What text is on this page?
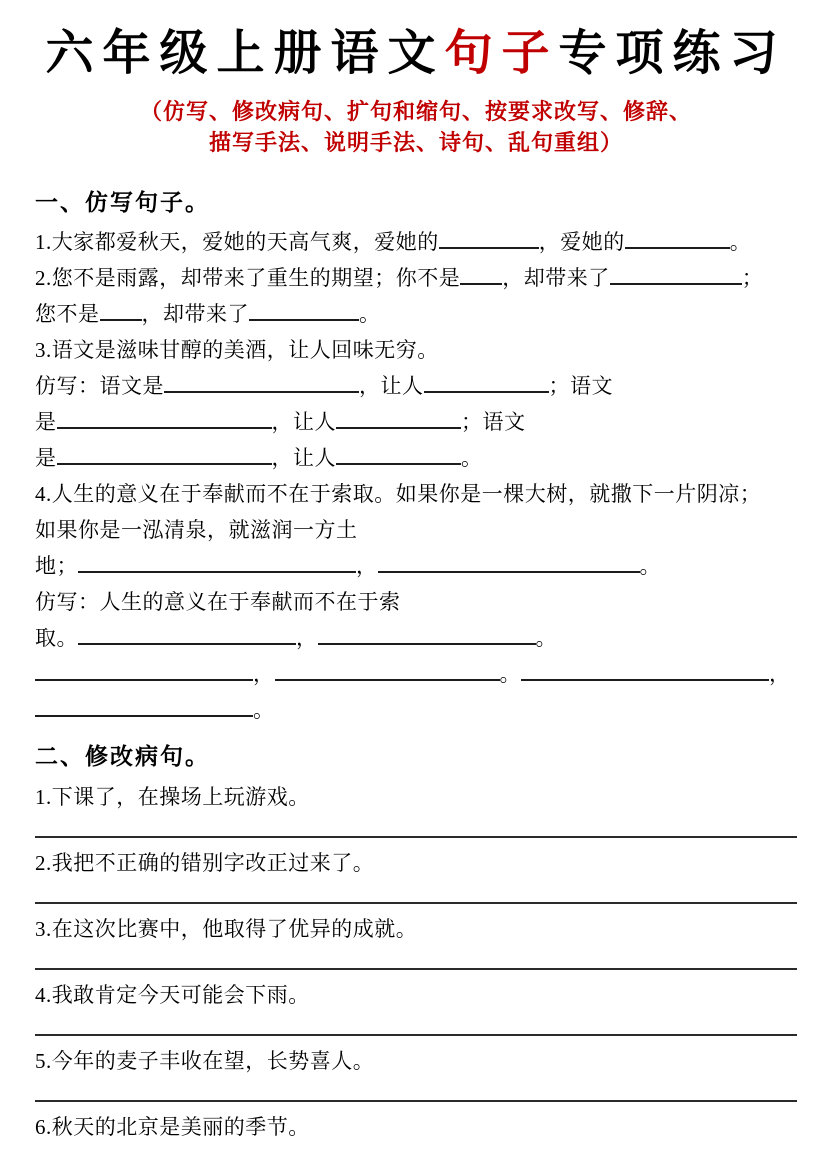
六年级上册语文句子专项练习
（仿写、修改病句、扩句和缩句、按要求改写、修辞、
描写手法、说明手法、诗句、乱句重组）
一、仿写句子。
1.大家都爱秋天，爱她的天高气爽，爱她的	，爱她的	。
2.您不是雨露，却带来了重生的期望；你不是 ，却带来了	；
您不是 ，却带来了	。
3.语文是滋味甘醇的美酒，让人回味无穷。
仿写：语文是	，让人	；语文
是	，让人	；语文
是	，让人	。
4.人生的意义在于奉献而不在于索取。如果你是一棵大树，就撒下一片阴凉；
如果你是一泓清泉，就滋润一方土
地；	，	。
仿写：人生的意义在于奉献而不在于索
取。	，	。
，	。	，
。
二、修改病句。
1.下课了，在操场上玩游戏。
2.我把不正确的错别字改正过来了。
3.在这次比赛中，他取得了优异的成就。
4.我敢肯定今天可能会下雨。
5.今年的麦子丰收在望，长势喜人。
6.秋天的北京是美丽的季节。
